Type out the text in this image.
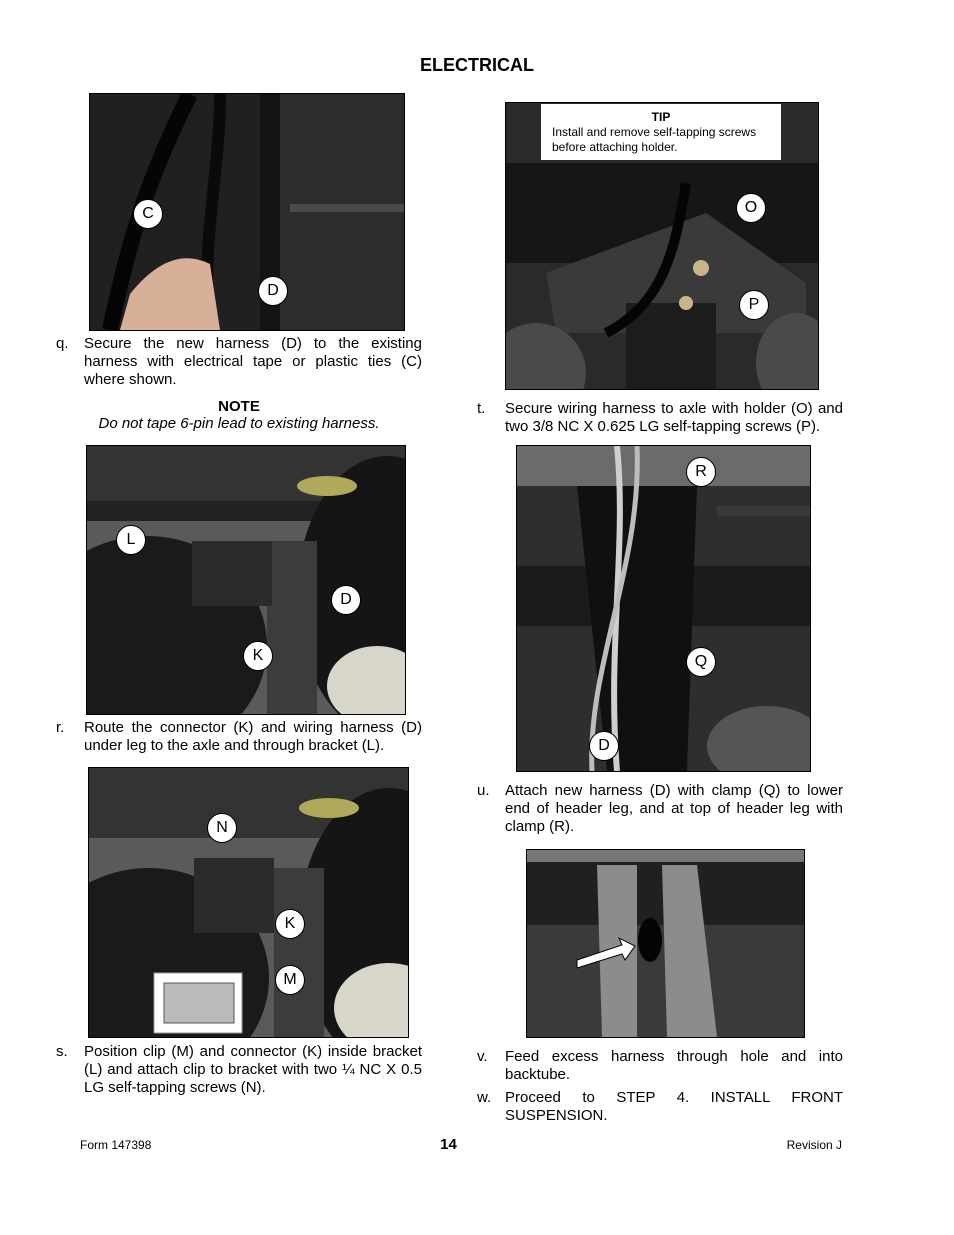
ELECTRICAL
C
D
q. Secure the new harness (D) to the existing harness with electrical tape or plastic ties (C) where shown.
NOTE
Do not tape 6-pin lead to existing harness.
L
D
K
r. Route the connector (K) and wiring harness (D) under leg to the axle and through bracket (L).
N
K
M
s. Position clip (M) and connector (K) inside bracket (L) and attach clip to bracket with two ¼ NC X 0.5 LG self-tapping screws (N).
TIP
Install and remove self-tapping screws before attaching holder.
O
P
t. Secure wiring harness to axle with holder (O) and two 3/8 NC X 0.625 LG self-tapping screws (P).
R
Q
D
u. Attach new harness (D) with clamp (Q) to lower end of header leg, and at top of header leg with clamp (R).
v. Feed excess harness through hole and into backtube.
w. Proceed to STEP 4. INSTALL FRONT SUSPENSION.
Form 147398	14	Revision J
